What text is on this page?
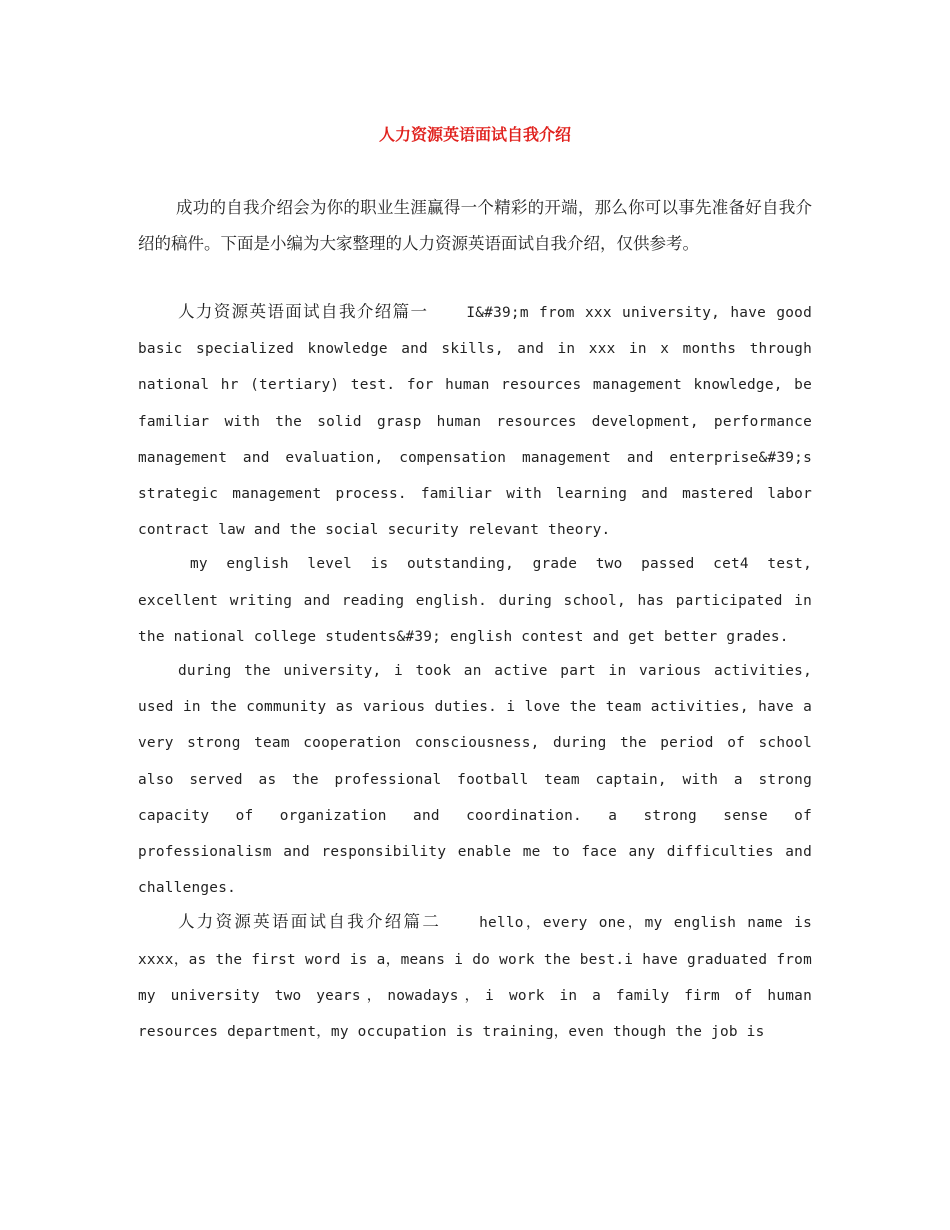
人力资源英语面试自我介绍

成功的自我介绍会为你的职业生涯赢得一个精彩的开端，那么你可以事先准备好自我介绍的稿件。下面是小编为大家整理的人力资源英语面试自我介绍，仅供参考。

人力资源英语面试自我介绍篇一	I&#39;m from xxx university, have good basic specialized knowledge and skills, and in xxx in x months through national hr (tertiary) test. for human resources management knowledge, be familiar with the solid grasp human resources development, performance management and evaluation, compensation management and enterprise&#39;s strategic management process. familiar with learning and mastered labor contract law and the social security relevant theory.

my english level is outstanding, grade two passed cet4 test, excellent writing and reading english. during school, has participated in the national college students&#39; english contest and get better grades.

during the university, i took an active part in various activities, used in the community as various duties. i love the team activities, have a very strong team cooperation consciousness, during the period of school also served as the professional football team captain, with a strong capacity of organization and coordination. a strong sense of professionalism and responsibility enable me to face any difficulties and challenges.

人力资源英语面试自我介绍篇二	hello，every one，my english name is xxxx，as the first word is a，means i do work the best.i have graduated from my university two years，nowadays，i work in a family firm of human resources department，my occupation is training，even though the job is
